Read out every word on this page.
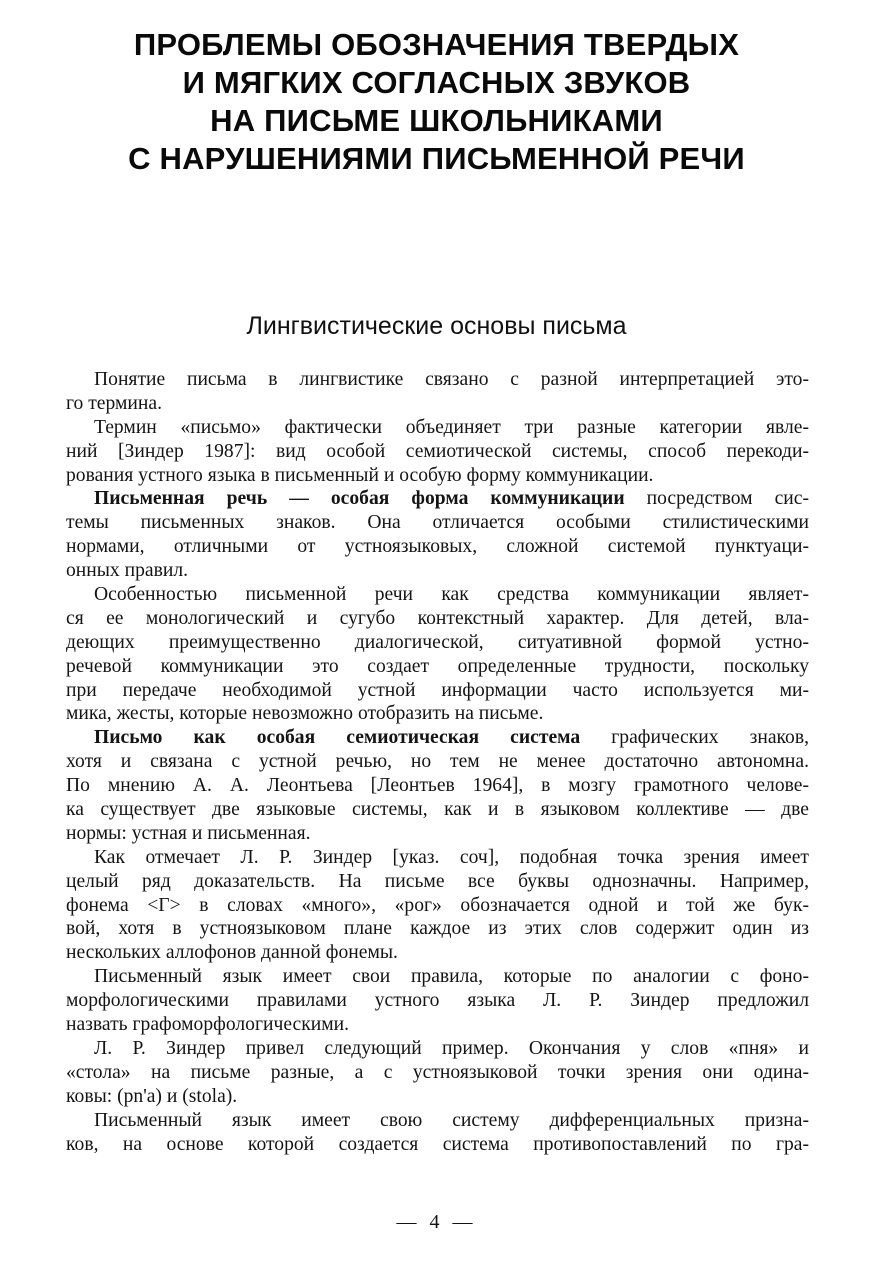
ПРОБЛЕМЫ ОБОЗНАЧЕНИЯ ТВЕРДЫХ
И МЯГКИХ СОГЛАСНЫХ ЗВУКОВ
НА ПИСЬМЕ ШКОЛЬНИКАМИ
С НАРУШЕНИЯМИ ПИСЬМЕННОЙ РЕЧИ
Лингвистические основы письма
Понятие письма в лингвистике связано с разной интерпретацией это-
го термина.
Термин «письмо» фактически объединяет три разные категории явле-
ний [Зиндер 1987]: вид особой семиотической системы, способ перекоди-
рования устного языка в письменный и особую форму коммуникации.
Письменная речь — особая форма коммуникации посредством сис-
темы письменных знаков. Она отличается особыми стилистическими
нормами, отличными от устноязыковых, сложной системой пунктуаци-
онных правил.
Особенностью письменной речи как средства коммуникации являет-
ся ее монологический и сугубо контекстный характер. Для детей, вла-
деющих преимущественно диалогической, ситуативной формой устно-
речевой коммуникации это создает определенные трудности, поскольку
при передаче необходимой устной информации часто используется ми-
мика, жесты, которые невозможно отобразить на письме.
Письмо как особая семиотическая система графических знаков,
хотя и связана с устной речью, но тем не менее достаточно автономна.
По мнению А. А. Леонтьева [Леонтьев 1964], в мозгу грамотного челове-
ка существует две языковые системы, как и в языковом коллективе — две
нормы: устная и письменная.
Как отмечает Л. Р. Зиндер [указ. соч], подобная точка зрения имеет
целый ряд доказательств. На письме все буквы однозначны. Например,
фонема <Г> в словах «много», «рог» обозначается одной и той же бук-
вой, хотя в устноязыковом плане каждое из этих слов содержит один из
нескольких аллофонов данной фонемы.
Письменный язык имеет свои правила, которые по аналогии с фоно-
морфологическими правилами устного языка Л. Р. Зиндер предложил
назвать графоморфологическими.
Л. Р. Зиндер привел следующий пример. Окончания у слов «пня» и
«стола» на письме разные, а с устноязыковой точки зрения они одина-
ковы: (pn'a) и (stola).
Письменный язык имеет свою систему дифференциальных призна-
ков, на основе которой создается система противопоставлений по гра-
— 4 —
